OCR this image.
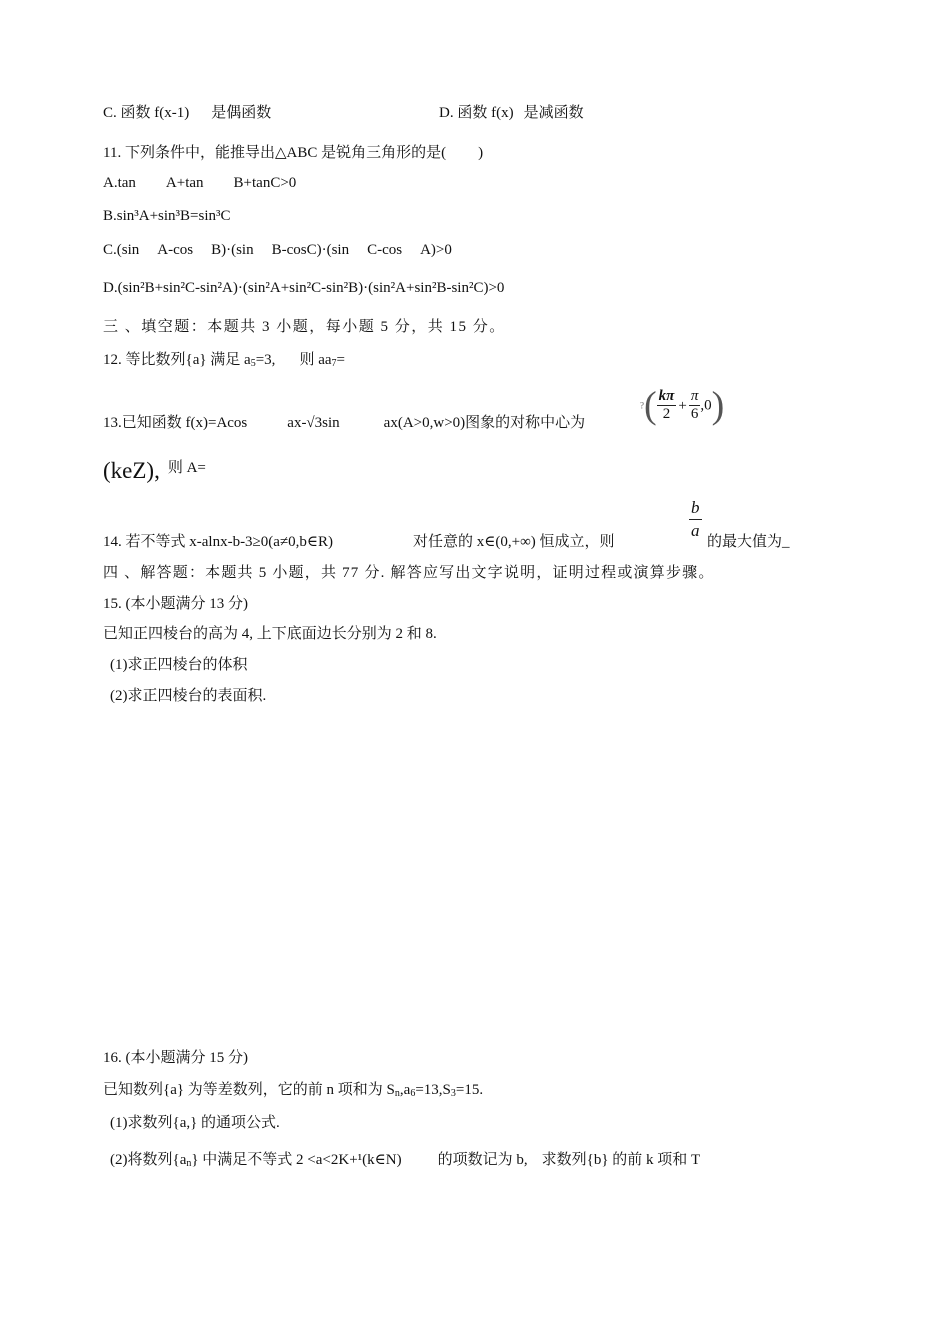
C. 函数 f(x-1) 是偶函数	D. 函数 f(x) 是减函数
11. 下列条件中，能推导出△ABC 是锐角三角形的是( )
A.tan A+tan B+tanC>0
B.sin³A+sin³B=sin³C
C.(sin A-cos B)·(sin B-cosC)·(sin C-cos A)>0
D.(sin²B+sin²C-sin²A)·(sin²A+sin²C-sin²B)·(sin²A+sin²B-sin²C)>0
三 、填空题：本题共 3 小题，每小题 5 分，共 15 分。
12. 等比数列{a} 满足 $a_5=3$, 则 $aa_7=$
13.已知函数 f(x)=Acos	ax-√3sin	ax(A>0,w>0)图象的对称中心为
?( $\frac{k\pi}{2} + \frac{\pi}{6} ,0$)
(keZ), 则 A=
14. 若不等式 x-alnx-b-3≥0(a≠0,b∈R)	对任意的 x∈(0,+∞) 恒成立，则	$\frac{b}{a}$ 的最大值为_
四 、解答题：本题共 5 小题，共 77 分. 解答应写出文字说明，证明过程或演算步骤。
15. (本小题满分 13 分)
已知正四棱台的高为 4, 上下底面边长分别为 2 和 8.
(1)求正四棱台的体积
(2)求正四棱台的表面积.
16. (本小题满分 15 分)
已知数列{a} 为等差数列，它的前 n 项和为 $S_n,a_6=13,S_3=15$.
(1)求数列{a,} 的通项公式.
(2)将数列$\{a_n\}$ 中满足不等式 2 <a<2K+¹(k∈N) 的项数记为 b, 求数列{b} 的前 k 项和 T
